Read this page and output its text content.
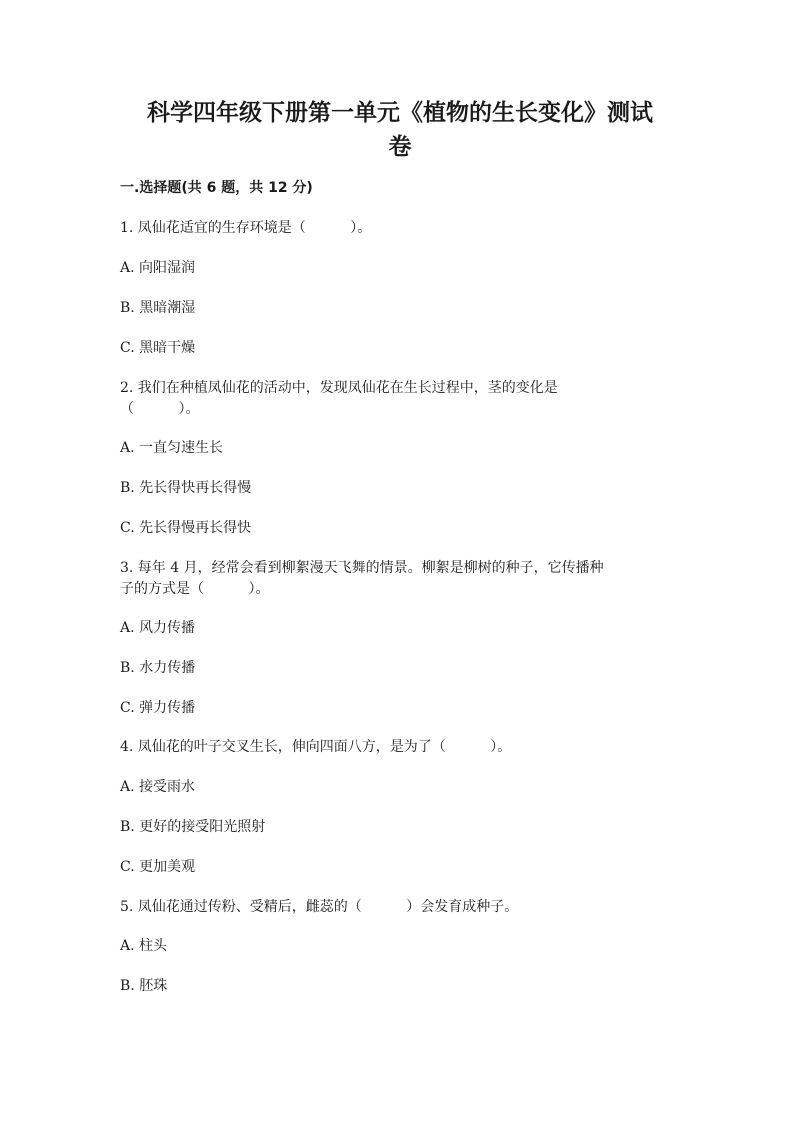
科学四年级下册第一单元《植物的生长变化》测试
卷
一.选择题(共 6 题，共 12 分)

1. 凤仙花适宜的生存环境是（          ）。

A. 向阳湿润

B. 黑暗潮湿

C. 黑暗干燥

2. 我们在种植凤仙花的活动中，发现凤仙花在生长过程中，茎的变化是

（          ）。

A. 一直匀速生长

B. 先长得快再长得慢

C. 先长得慢再长得快

3. 每年 4 月，经常会看到柳絮漫天飞舞的情景。柳絮是柳树的种子，它传播种

子的方式是（          ）。

A. 风力传播

B. 水力传播

C. 弹力传播

4. 凤仙花的叶子交叉生长，伸向四面八方，是为了（          ）。

A. 接受雨水

B. 更好的接受阳光照射

C. 更加美观

5. 凤仙花通过传粉、受精后，雌蕊的（          ）会发育成种子。

A. 柱头

B. 胚珠
